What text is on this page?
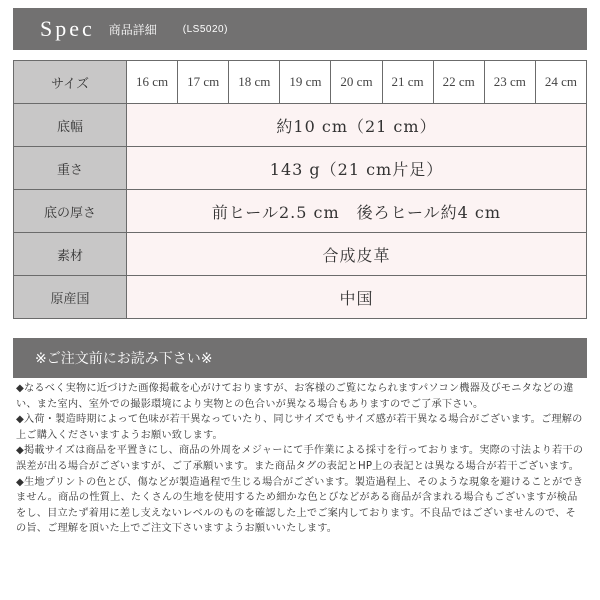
Spec 商品詳細	(LS5020)
サイズ	16 cm	17 cm	18 cm	19 cm	20 cm	21 cm	22 cm	23 cm	24 cm
底幅	約10 cm（21 cm）								
重さ	143 g（21 cm片足）								
底の厚さ	前ヒール2.5 cm　後ろヒール約4 cm								
素材	合成皮革								
原産国	中国								
※ご注文前にお読み下さい※

◆なるべく実物に近づけた画像掲載を心がけておりますが、お客様のご覧になられますパソコン機器及びモニタなどの違い、また室内、室外での撮影環境により実物との色合いが異なる場合もありますのでご了承下さい。

◆入荷・製造時期によって色味が若干異なっていたり、同じサイズでもサイズ感が若干異なる場合がございます。ご理解の上ご購入くださいますようお願い致します。

◆掲載サイズは商品を平置きにし、商品の外周をメジャーにて手作業による採寸を行っております。実際の寸法より若干の誤差が出る場合がございますが、ご了承願います。また商品タグの表記とHP上の表記とは異なる場合が若干ございます。

◆生地プリントの色とび、傷などが製造過程で生じる場合がございます。製造過程上、そのような現象を避けることができません。商品の性質上、たくさんの生地を使用するため細かな色とびなどがある商品が含まれる場合もございますが検品をし、目立たず着用に差し支えないレベルのものを確認した上でご案内しております。不良品ではございませんので、その旨、ご理解を頂いた上でご注文下さいますようお願いいたします。
